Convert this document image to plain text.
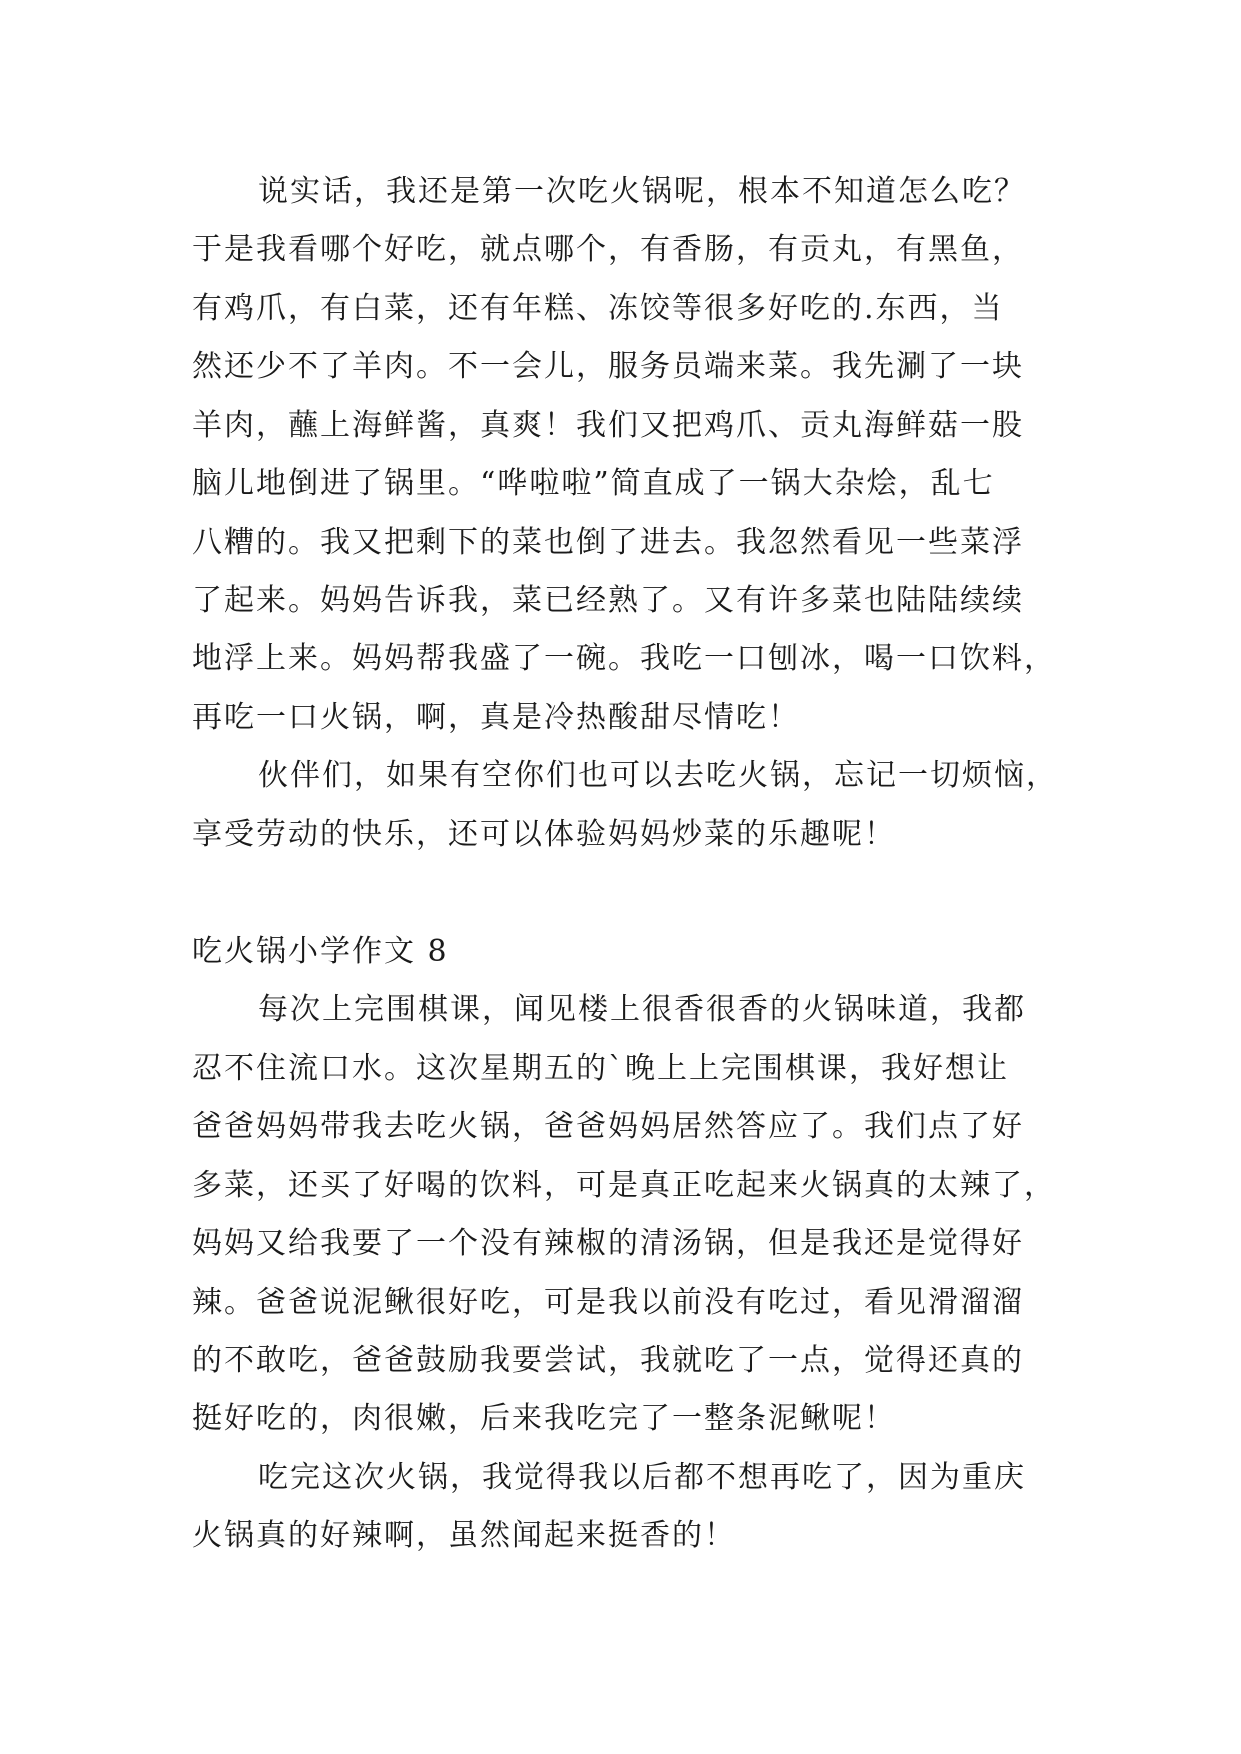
说实话，我还是第一次吃火锅呢，根本不知道怎么吃？
于是我看哪个好吃，就点哪个，有香肠，有贡丸，有黑鱼，
有鸡爪，有白菜，还有年糕、冻饺等很多好吃的.东西，当
然还少不了羊肉。不一会儿，服务员端来菜。我先涮了一块
羊肉，蘸上海鲜酱，真爽！我们又把鸡爪、贡丸海鲜菇一股
脑儿地倒进了锅里。“哗啦啦”简直成了一锅大杂烩，乱七
八糟的。我又把剩下的菜也倒了进去。我忽然看见一些菜浮
了起来。妈妈告诉我，菜已经熟了。又有许多菜也陆陆续续
地浮上来。妈妈帮我盛了一碗。我吃一口刨冰，喝一口饮料，
再吃一口火锅，啊，真是冷热酸甜尽情吃！
伙伴们，如果有空你们也可以去吃火锅，忘记一切烦恼，
享受劳动的快乐，还可以体验妈妈炒菜的乐趣呢！
吃火锅小学作文 8
每次上完围棋课，闻见楼上很香很香的火锅味道，我都
忍不住流口水。这次星期五的`晚上上完围棋课，我好想让
爸爸妈妈带我去吃火锅，爸爸妈妈居然答应了。我们点了好
多菜，还买了好喝的饮料，可是真正吃起来火锅真的太辣了，
妈妈又给我要了一个没有辣椒的清汤锅，但是我还是觉得好
辣。爸爸说泥鳅很好吃，可是我以前没有吃过，看见滑溜溜
的不敢吃，爸爸鼓励我要尝试，我就吃了一点，觉得还真的
挺好吃的，肉很嫩，后来我吃完了一整条泥鳅呢！
吃完这次火锅，我觉得我以后都不想再吃了，因为重庆
火锅真的好辣啊，虽然闻起来挺香的！
